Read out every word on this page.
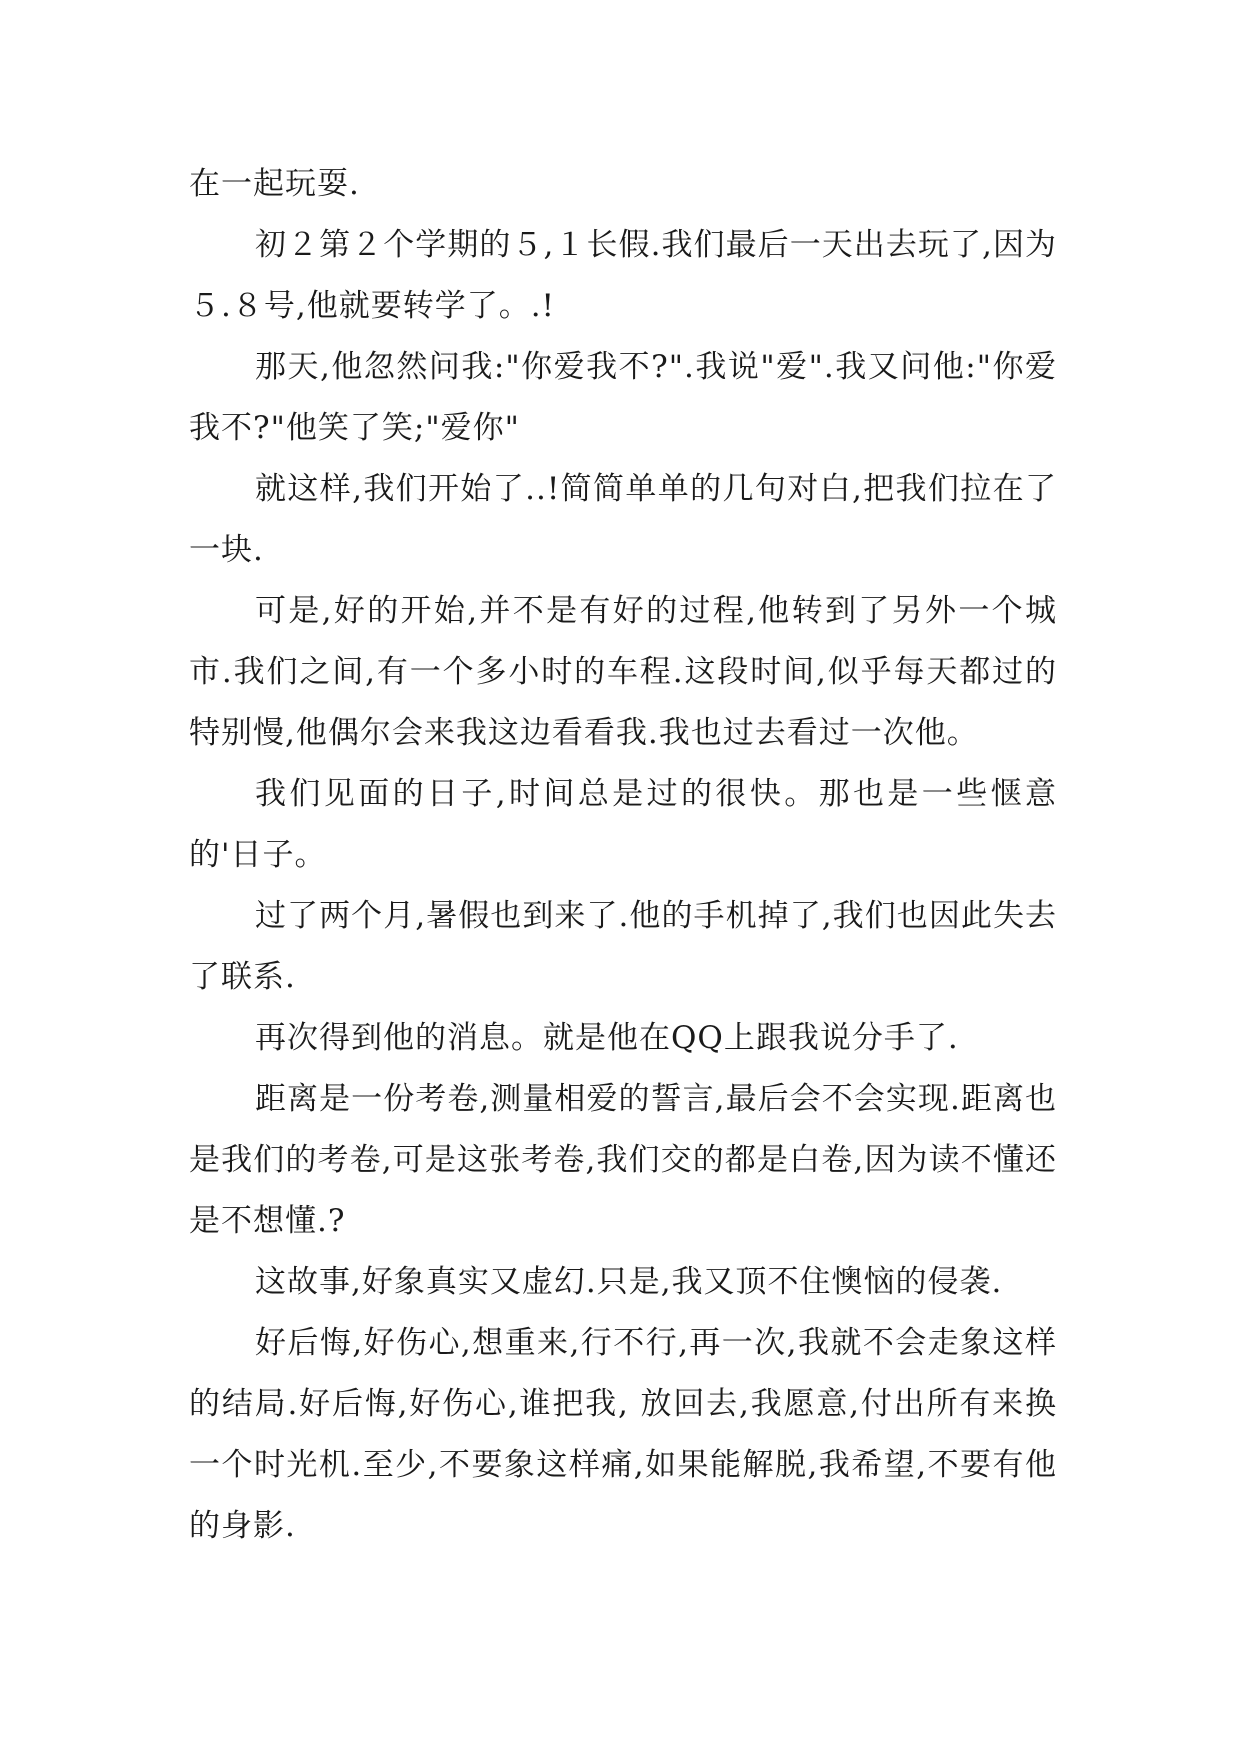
在一起玩耍.

初２第２个学期的５,１长假.我们最后一天出去玩了,因为５.８号,他就要转学了。.!

那天,他忽然问我:"你爱我不?".我说"爱".我又问他:"你爱我不?"他笑了笑;"爱你"

就这样,我们开始了..!简简单单的几句对白,把我们拉在了一块.

可是,好的开始,并不是有好的过程,他转到了另外一个城市.我们之间,有一个多小时的车程.这段时间,似乎每天都过的特别慢,他偶尔会来我这边看看我.我也过去看过一次他。

我们见面的日子,时间总是过的很快。那也是一些惬意的'日子。

过了两个月,暑假也到来了.他的手机掉了,我们也因此失去了联系.

再次得到他的消息。就是他在QQ上跟我说分手了.

距离是一份考卷,测量相爱的誓言,最后会不会实现.距离也是我们的考卷,可是这张考卷,我们交的都是白卷,因为读不懂还是不想懂.?

这故事,好象真实又虚幻.只是,我又顶不住懊恼的侵袭.

好后悔,好伤心,想重来,行不行,再一次,我就不会走象这样的结局.好后悔,好伤心,谁把我, 放回去,我愿意,付出所有来换一个时光机.至少,不要象这样痛,如果能解脱,我希望,不要有他的身影.
